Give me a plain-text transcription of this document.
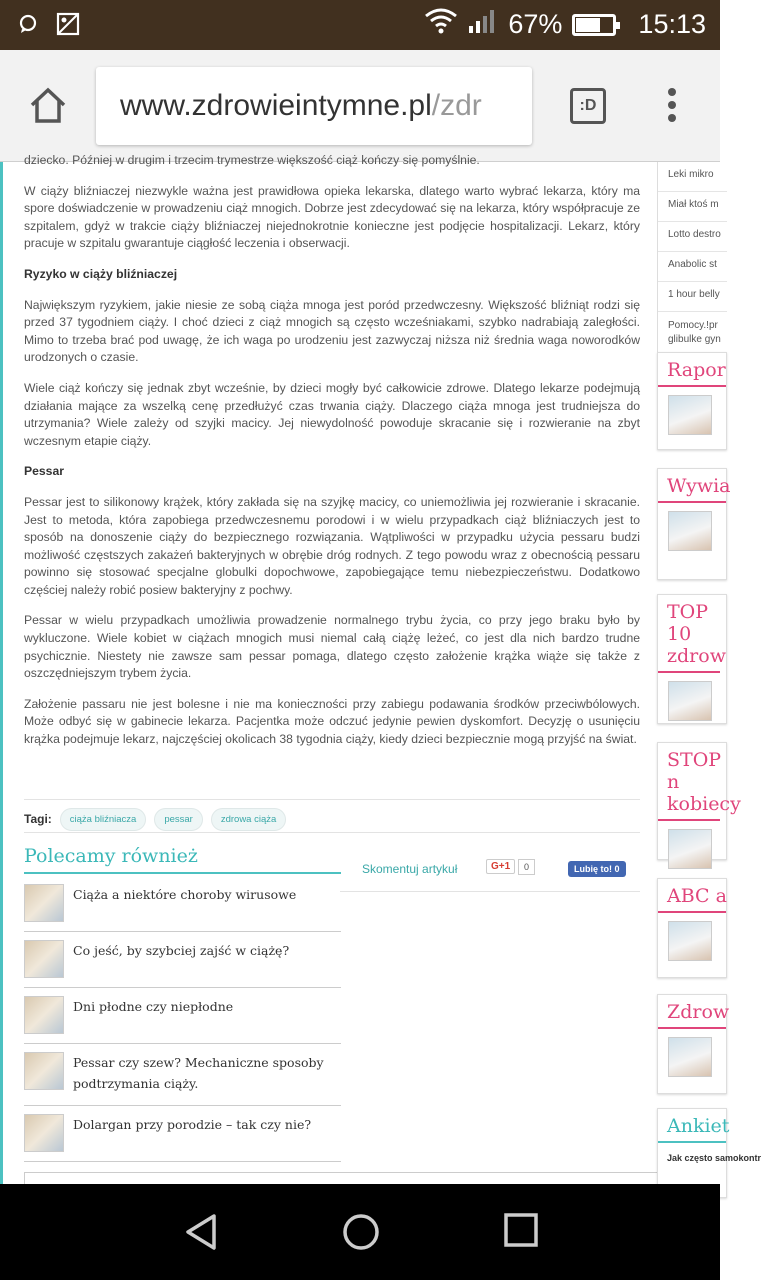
67%	15:13
www.zdrowieintymne.pl/zdr	:D

dziecko. Później w drugim i trzecim trymestrze większość ciąż kończy się pomyślnie.

W ciąży bliźniaczej niezwykle ważna jest prawidłowa opieka lekarska, dlatego warto wybrać lekarza, który ma spore doświadczenie w prowadzeniu ciąż mnogich. Dobrze jest zdecydować się na lekarza, który współpracuje ze szpitalem, gdyż w trakcie ciąży bliźniaczej niejednokrotnie konieczne jest podjęcie hospitalizacji. Lekarz, który pracuje w szpitalu gwarantuje ciągłość leczenia i obserwacji.

Ryzyko w ciąży bliźniaczej

Największym ryzykiem, jakie niesie ze sobą ciąża mnoga jest poród przedwczesny. Większość bliźniąt rodzi się przed 37 tygodniem ciąży. I choć dzieci z ciąż mnogich są często wcześniakami, szybko nadrabiają zaległości. Mimo to trzeba brać pod uwagę, że ich waga po urodzeniu jest zazwyczaj niższa niż średnia waga noworodków urodzonych o czasie.

Wiele ciąż kończy się jednak zbyt wcześnie, by dzieci mogły być całkowicie zdrowe. Dlatego lekarze podejmują działania mające za wszelką cenę przedłużyć czas trwania ciąży. Dlaczego ciąża mnoga jest trudniejsza do utrzymania? Wiele zależy od szyjki macicy. Jej niewydolność powoduje skracanie się i rozwieranie na zbyt wczesnym etapie ciąży.

Pessar

Pessar jest to silikonowy krążek, który zakłada się na szyjkę macicy, co uniemożliwia jej rozwieranie i skracanie. Jest to metoda, która zapobiega przedwczesnemu porodowi i w wielu przypadkach ciąż bliźniaczych jest to sposób na donoszenie ciąży do bezpiecznego rozwiązania. Wątpliwości w przypadku użycia pessaru budzi możliwość częstszych zakażeń bakteryjnych w obrębie dróg rodnych. Z tego powodu wraz z obecnością pessaru powinno się stosować specjalne globulki dopochwowe, zapobiegające temu niebezpieczeństwu. Dodatkowo częściej należy robić posiew bakteryjny z pochwy.

Pessar w wielu przypadkach umożliwia prowadzenie normalnego trybu życia, co przy jego braku było by wykluczone. Wiele kobiet w ciążach mnogich musi niemal całą ciążę leżeć, co jest dla nich bardzo trudne psychicznie. Niestety nie zawsze sam pessar pomaga, dlatego często założenie krążka wiąże się także z oszczędniejszym trybem życia.

Założenie passaru nie jest bolesne i nie ma konieczności przy zabiegu podawania środków przeciwbólowych. Może odbyć się w gabinecie lekarza. Pacjentka może odczuć jedynie pewien dyskomfort. Decyzję o usunięciu krążka podejmuje lekarz, najczęściej okolicach 38 tygodnia ciąży, kiedy dzieci bezpiecznie mogą przyjść na świat.

Tagi:	ciąża bliźniacza	pessar	zdrowa ciąża
Polecamy również
Ciąża a niektóre choroby wirusowe
Co jeść, by szybciej zajść w ciążę?
Dni płodne czy niepłodne
Pessar czy szew? Mechaniczne sposoby podtrzymania ciąży.
Dolargan przy porodzie – tak czy nie?
Skomentuj artykuł	G+1	0	Lubię to! 0
Leki mikro
Miał ktoś m
Lotto destro
Anabolic st
1 hour belly
Pomocy.!pr glibulke gyn
Rapor
Wywia
TOP 10 zdrow
STOP n kobiecy
ABC a
Zdrow
Ankiet
Jak często samokontr
